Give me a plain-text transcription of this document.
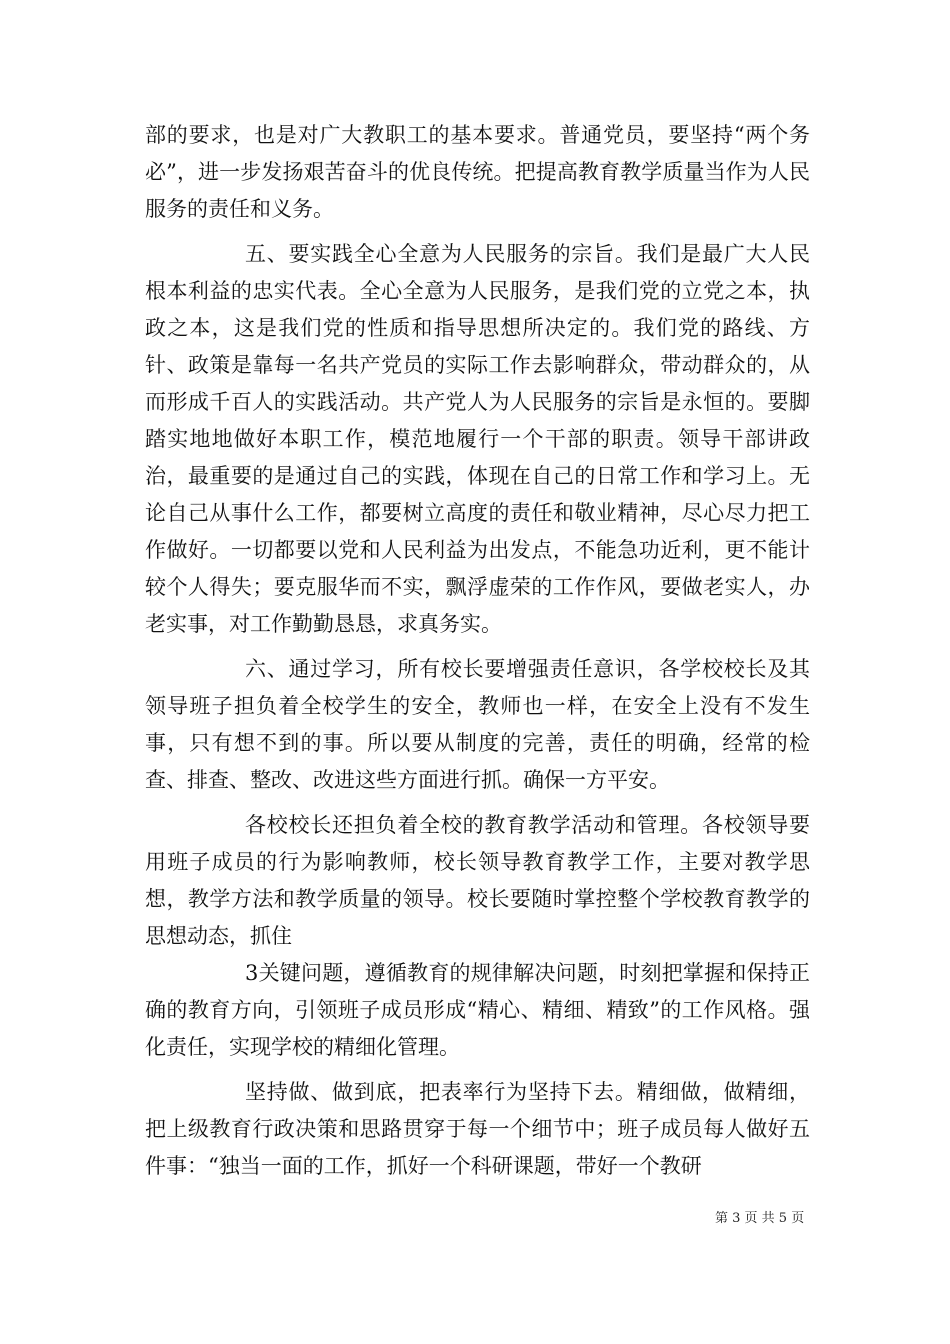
部的要求，也是对广大教职工的基本要求。普通党员，要坚持“两个务必”，进一步发扬艰苦奋斗的优良传统。把提高教育教学质量当作为人民服务的责任和义务。

五、要实践全心全意为人民服务的宗旨。我们是最广大人民根本利益的忠实代表。全心全意为人民服务，是我们党的立党之本，执政之本，这是我们党的性质和指导思想所决定的。我们党的路线、方针、政策是靠每一名共产党员的实际工作去影响群众，带动群众的，从而形成千百人的实践活动。共产党人为人民服务的宗旨是永恒的。要脚踏实地地做好本职工作，模范地履行一个干部的职责。领导干部讲政治，最重要的是通过自己的实践，体现在自己的日常工作和学习上。无论自己从事什么工作，都要树立高度的责任和敬业精神，尽心尽力把工作做好。一切都要以党和人民利益为出发点，不能急功近利，更不能计较个人得失；要克服华而不实，飘浮虚荣的工作作风，要做老实人，办老实事，对工作勤勤恳恳，求真务实。

六、通过学习，所有校长要增强责任意识，各学校校长及其领导班子担负着全校学生的安全，教师也一样，在安全上没有不发生事，只有想不到的事。所以要从制度的完善，责任的明确，经常的检查、排查、整改、改进这些方面进行抓。确保一方平安。

各校校长还担负着全校的教育教学活动和管理。各校领导要用班子成员的行为影响教师，校长领导教育教学工作，主要对教学思想，教学方法和教学质量的领导。校长要随时掌控整个学校教育教学的思想动态，抓住

3关键问题，遵循教育的规律解决问题，时刻把掌握和保持正确的教育方向，引领班子成员形成“精心、精细、精致”的工作风格。强化责任，实现学校的精细化管理。

坚持做、做到底，把表率行为坚持下去。精细做，做精细，把上级教育行政决策和思路贯穿于每一个细节中；班子成员每人做好五件事：“独当一面的工作，抓好一个科研课题，带好一个教研

第 3 页 共 5 页
